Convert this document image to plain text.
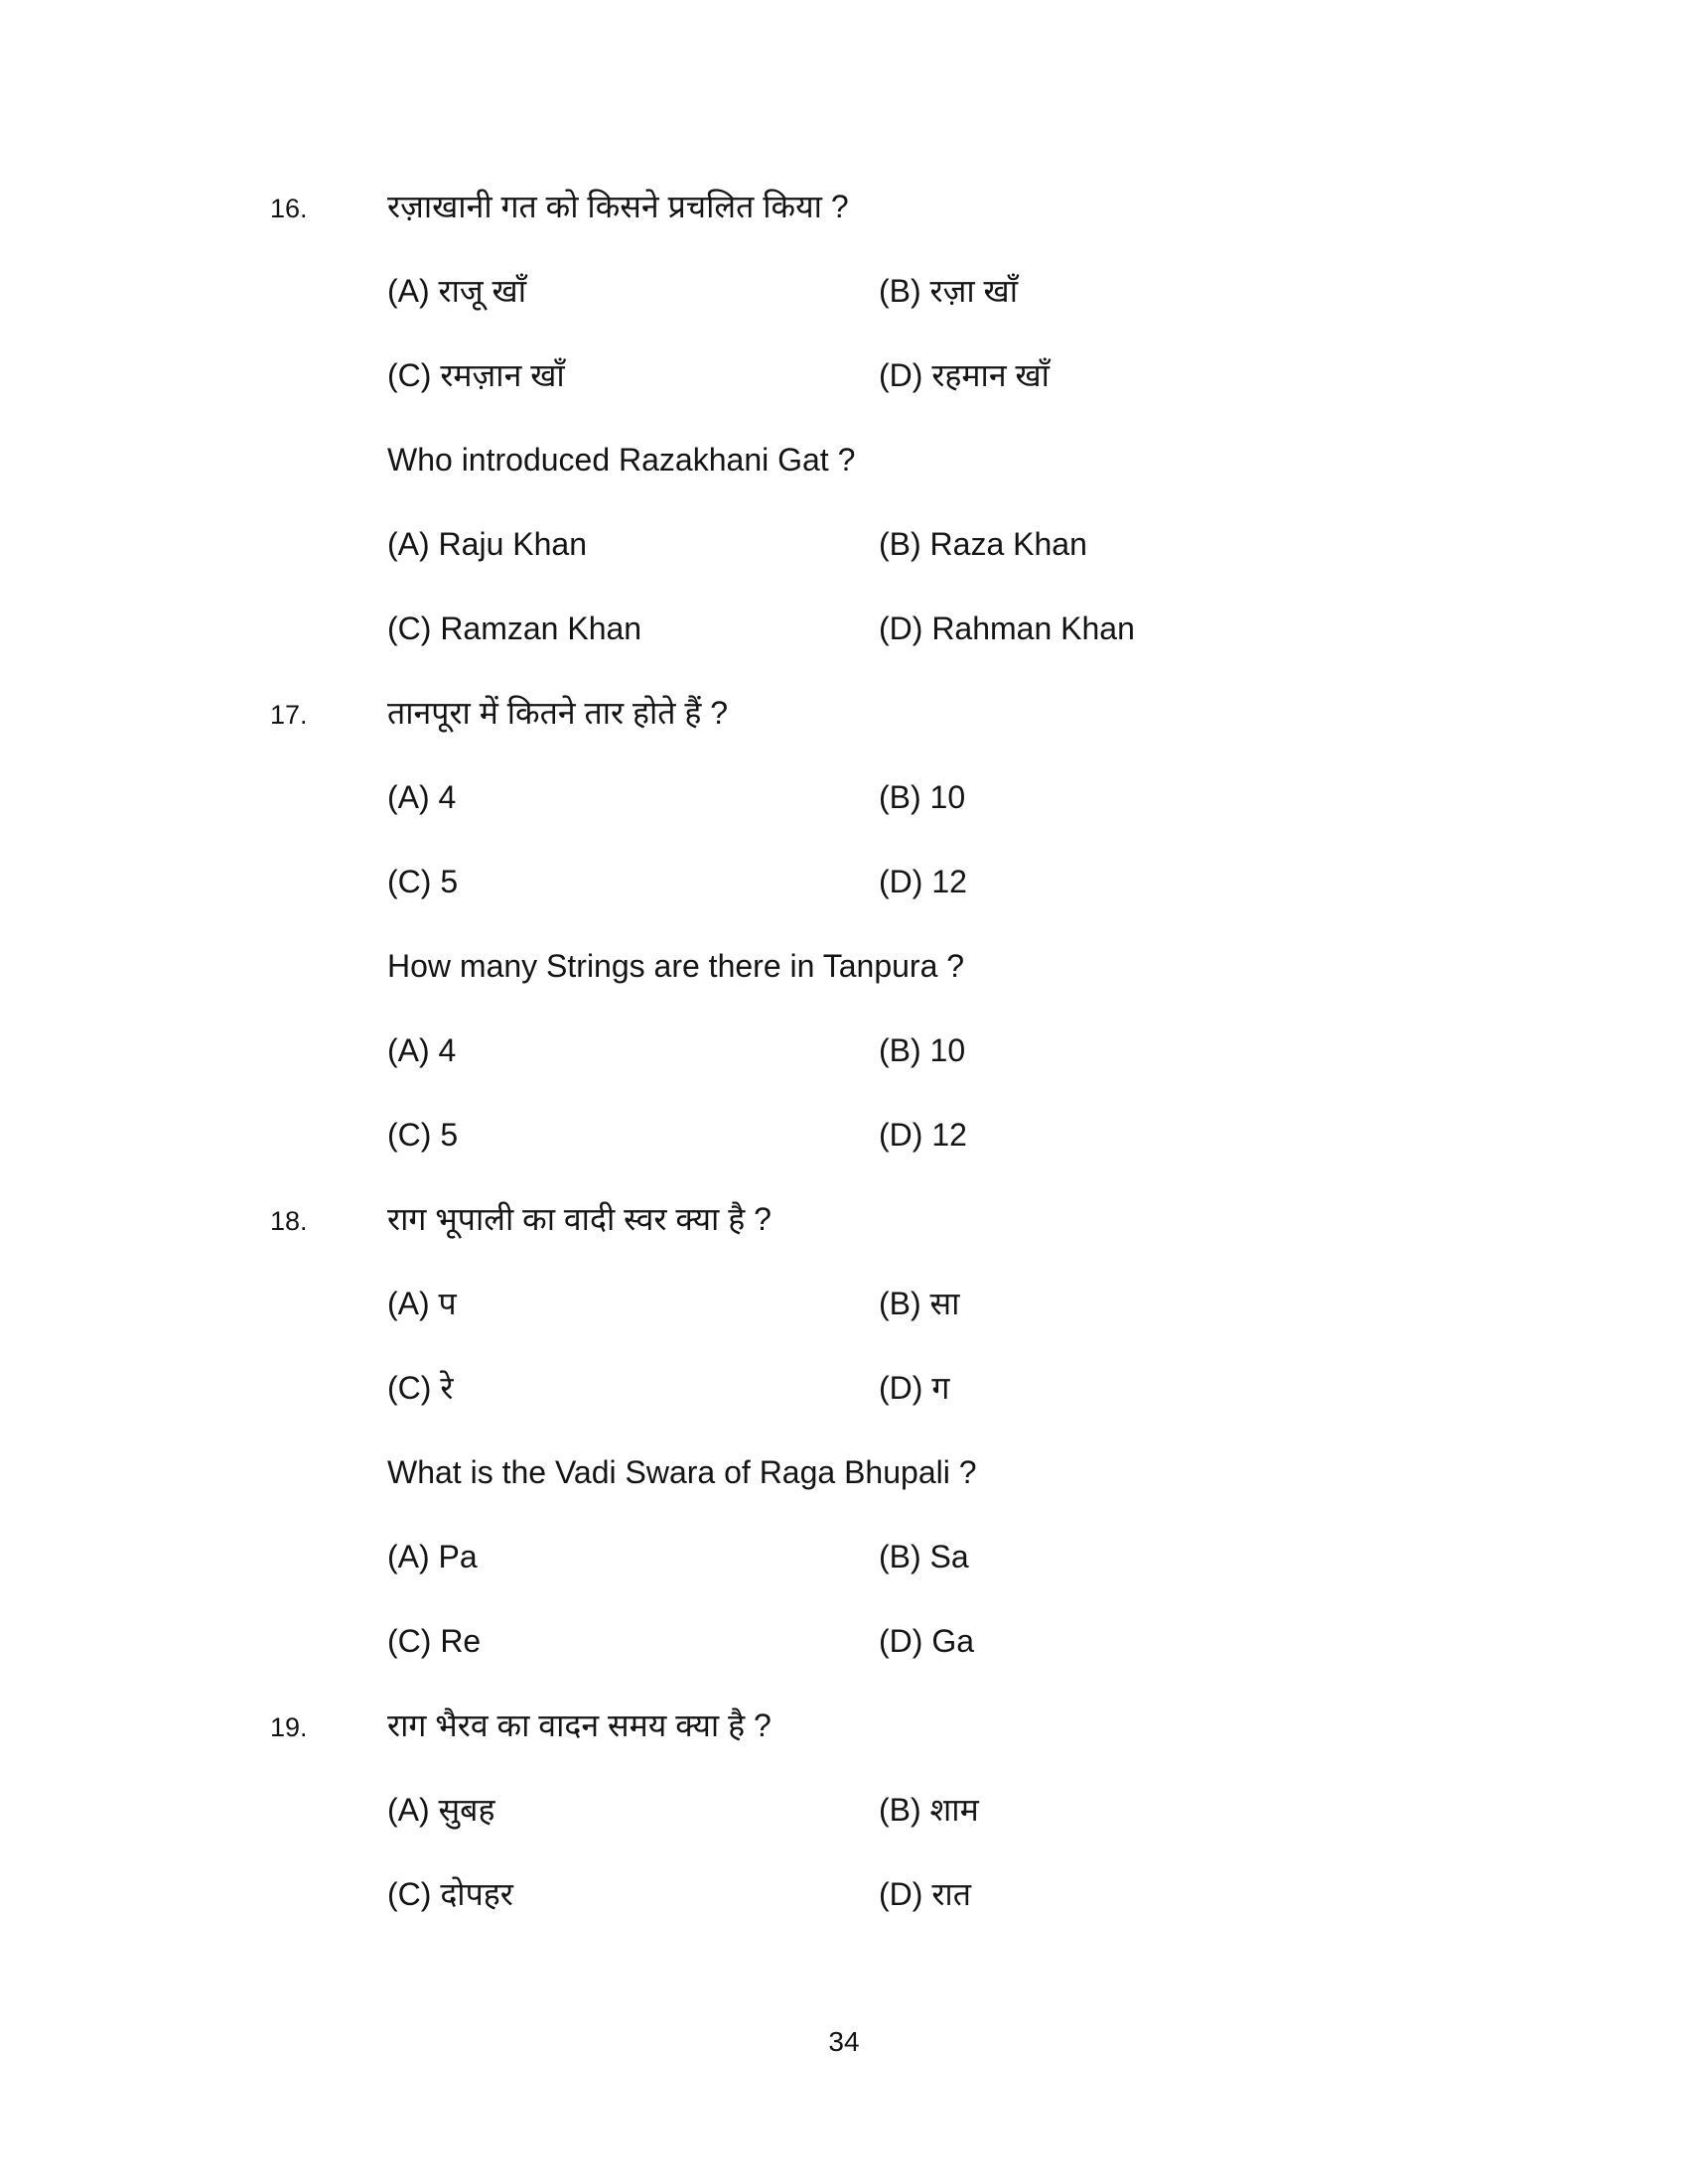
16.	रज़ाखानी गत को किसने प्रचलित किया ?
(A) राजू खाँ	(B) रज़ा खाँ
(C) रमज़ान खाँ	(D) रहमान खाँ
Who introduced Razakhani Gat ?
(A) Raju Khan	(B) Raza Khan
(C) Ramzan Khan	(D) Rahman Khan
17.	तानपूरा में कितने तार होते हैं ?
(A) 4	(B) 10
(C) 5	(D) 12
How many Strings are there in Tanpura ?
(A) 4	(B) 10
(C) 5	(D) 12
18.	राग भूपाली का वादी स्वर क्या है ?
(A) प	(B) सा
(C) रे	(D) ग
What is the Vadi Swara of Raga Bhupali ?
(A) Pa	(B) Sa
(C) Re	(D) Ga
19.	राग भैरव का वादन समय क्या है ?
(A) सुबह	(B) शाम
(C) दोपहर	(D) रात
34
